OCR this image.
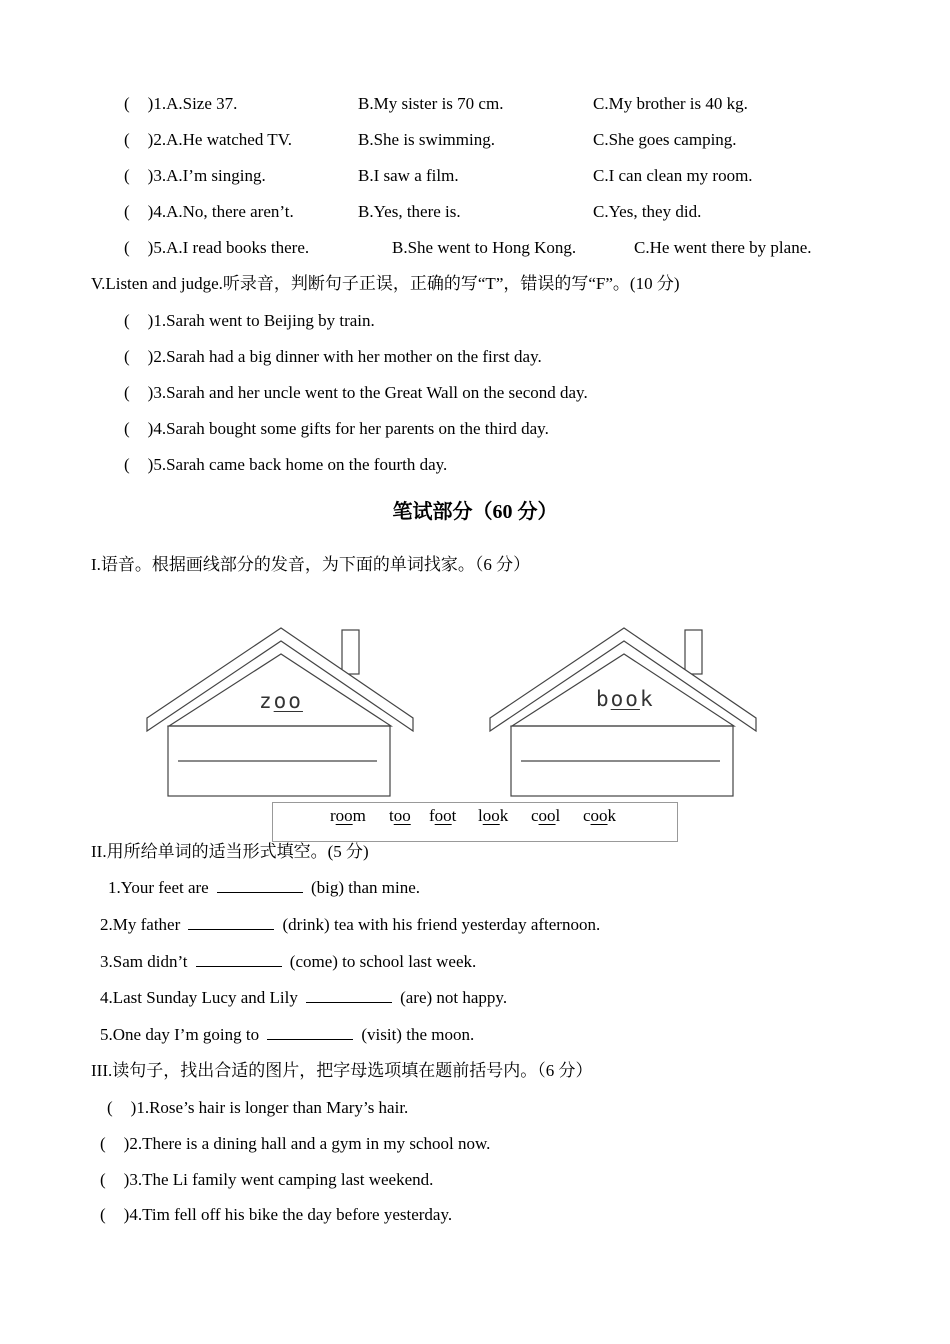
( )1.A.Size 37.	B.My sister is 70 cm.	C.My brother is 40 kg.
( )2.A.He watched TV.	B.She is swimming.	C.She goes camping.
( )3.A.I’m singing.	B.I saw a film.	C.I can clean my room.
( )4.A.No, there aren’t.	B.Yes, there is.	C.Yes, they did.
( )5.A.I read books there.	B.She went to Hong Kong.	C.He went there by plane.
V.Listen and judge.听录音，判断句子正误，正确的写“T”，错误的写“F”。(10 分)
( )1.Sarah went to Beijing by train.
( )2.Sarah had a big dinner with her mother on the first day.
( )3.Sarah and her uncle went to the Great Wall on the second day.
( )4.Sarah bought some gifts for her parents on the third day.
( )5.Sarah came back home on the fourth day.
笔试部分（60 分）
I.语音。根据画线部分的发音，为下面的单词找家。（6 分）
zoo	book
room too foot look cool cook
II.用所给单词的适当形式填空。(5 分)
1.Your feet are	(big) than mine.
2.My father	(drink) tea with his friend yesterday afternoon.
3.Sam didn’t	(come) to school last week.
4.Last Sunday Lucy and Lily	(are) not happy.
5.One day I’m going to	(visit) the moon.
III.读句子，找出合适的图片，把字母选项填在题前括号内。（6 分）
( )1.Rose’s hair is longer than Mary’s hair.
( )2.There is a dining hall and a gym in my school now.
( )3.The Li family went camping last weekend.
( )4.Tim fell off his bike the day before yesterday.
